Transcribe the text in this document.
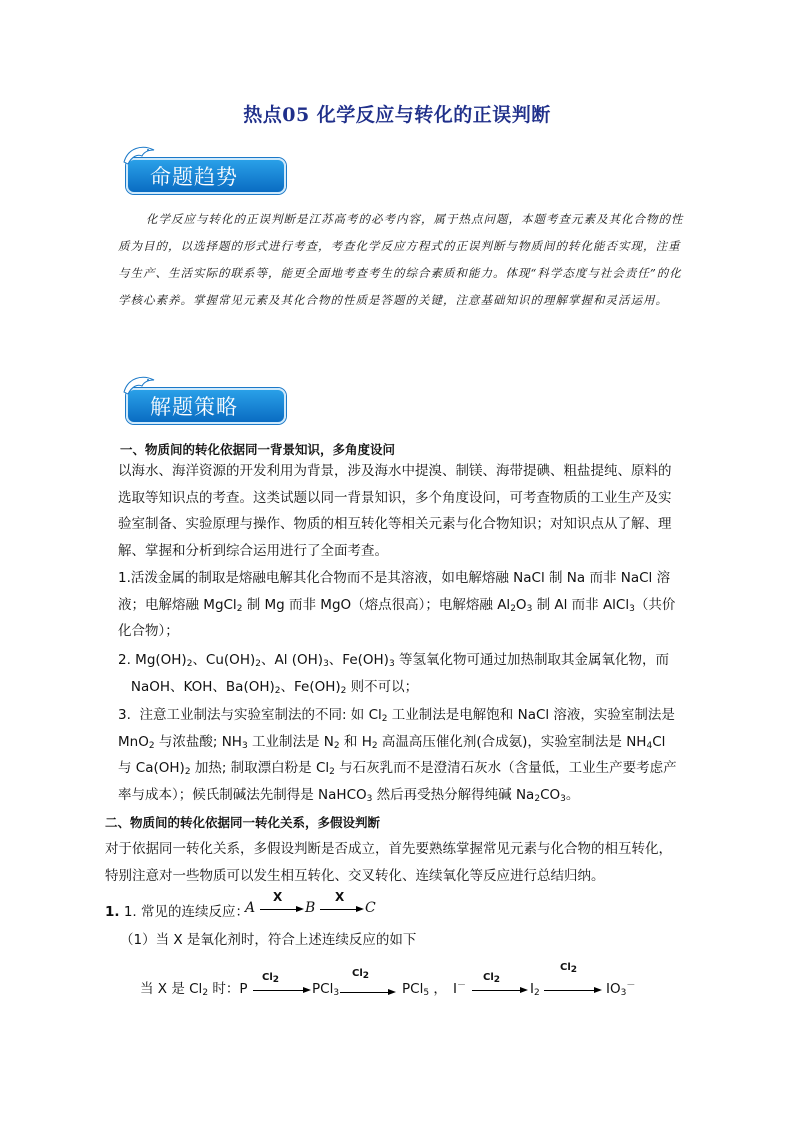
热点05 化学反应与转化的正误判断
命题趋势
化学反应与转化的正误判断是江苏高考的必考内容，属于热点问题，本题考查元素及其化合物的性质为目的，以选择题的形式进行考查，考查化学反应方程式的正误判断与物质间的转化能否实现，注重与生产、生活实际的联系等，能更全面地考查考生的综合素质和能力。体现“科学态度与社会责任”的化学核心素养。掌握常见元素及其化合物的性质是答题的关键，注意基础知识的理解掌握和灵活运用。
解题策略
一、物质间的转化依据同一背景知识，多角度设问
以海水、海洋资源的开发利用为背景，涉及海水中提溴、制镁、海带提碘、粗盐提纯、原料的选取等知识点的考查。这类试题以同一背景知识，多个角度设问，可考查物质的工业生产及实验室制备、实验原理与操作、物质的相互转化等相关元素与化合物知识；对知识点从了解、理解、掌握和分析到综合运用进行了全面考查。
1.活泼金属的制取是熔融电解其化合物而不是其溶液，如电解熔融 NaCl 制 Na 而非 NaCl 溶液；电解熔融 MgCl$_2$ 制 Mg 而非 MgO（熔点很高）；电解熔融 $Al_2O_3$ 制 Al 而非 AlCl$_3$（共价化合物）；
2. $Mg(OH)_2$、$Cu(OH)_2$、Al $(OH)_3$、$Fe(OH)_3$ 等氢氧化物可通过加热制取其金属氧化物，而
NaOH、KOH、$Ba(OH)_2$、$Fe(OH)_2$ 则不可以；
3.  注意工业制法与实验室制法的不同: 如 $Cl_2$ 工业制法是电解饱和 NaCl 溶液，实验室制法是 MnO$_2$ 与浓盐酸; $NH_3$ 工业制法是 $N_2$ 和 $H_2$ 高温高压催化剂(合成氨)，实验室制法是 $NH_4Cl$ 与 $Ca(OH)_2$ 加热; 制取漂白粉是 $Cl_2$ 与石灰乳而不是澄清石灰水（含量低，工业生产要考虑产率与成本）；候氏制碱法先制得是 NaHCO$_3$ 然后再受热分解得纯碱 $Na_2CO_3$。
二、物质间的转化依据同一转化关系，多假设判断
对于依据同一转化关系，多假设判断是否成立，首先要熟练掌握常见元素与化合物的相互转化，特别注意对一些物质可以发生相互转化、交叉转化、连续氧化等反应进行总结归纳。
1. 1. 常见的连续反应：
A
X
B
X
C
（1）当 X 是氧化剂时，符合上述连续反应的如下
当 X 是 $Cl_2$ 时：P
$Cl_2$
PCl$_3$
$Cl_2$
PCl$_5$ ， I－
$Cl_2$
$I_2$
$Cl_2$
$IO_3^-$
